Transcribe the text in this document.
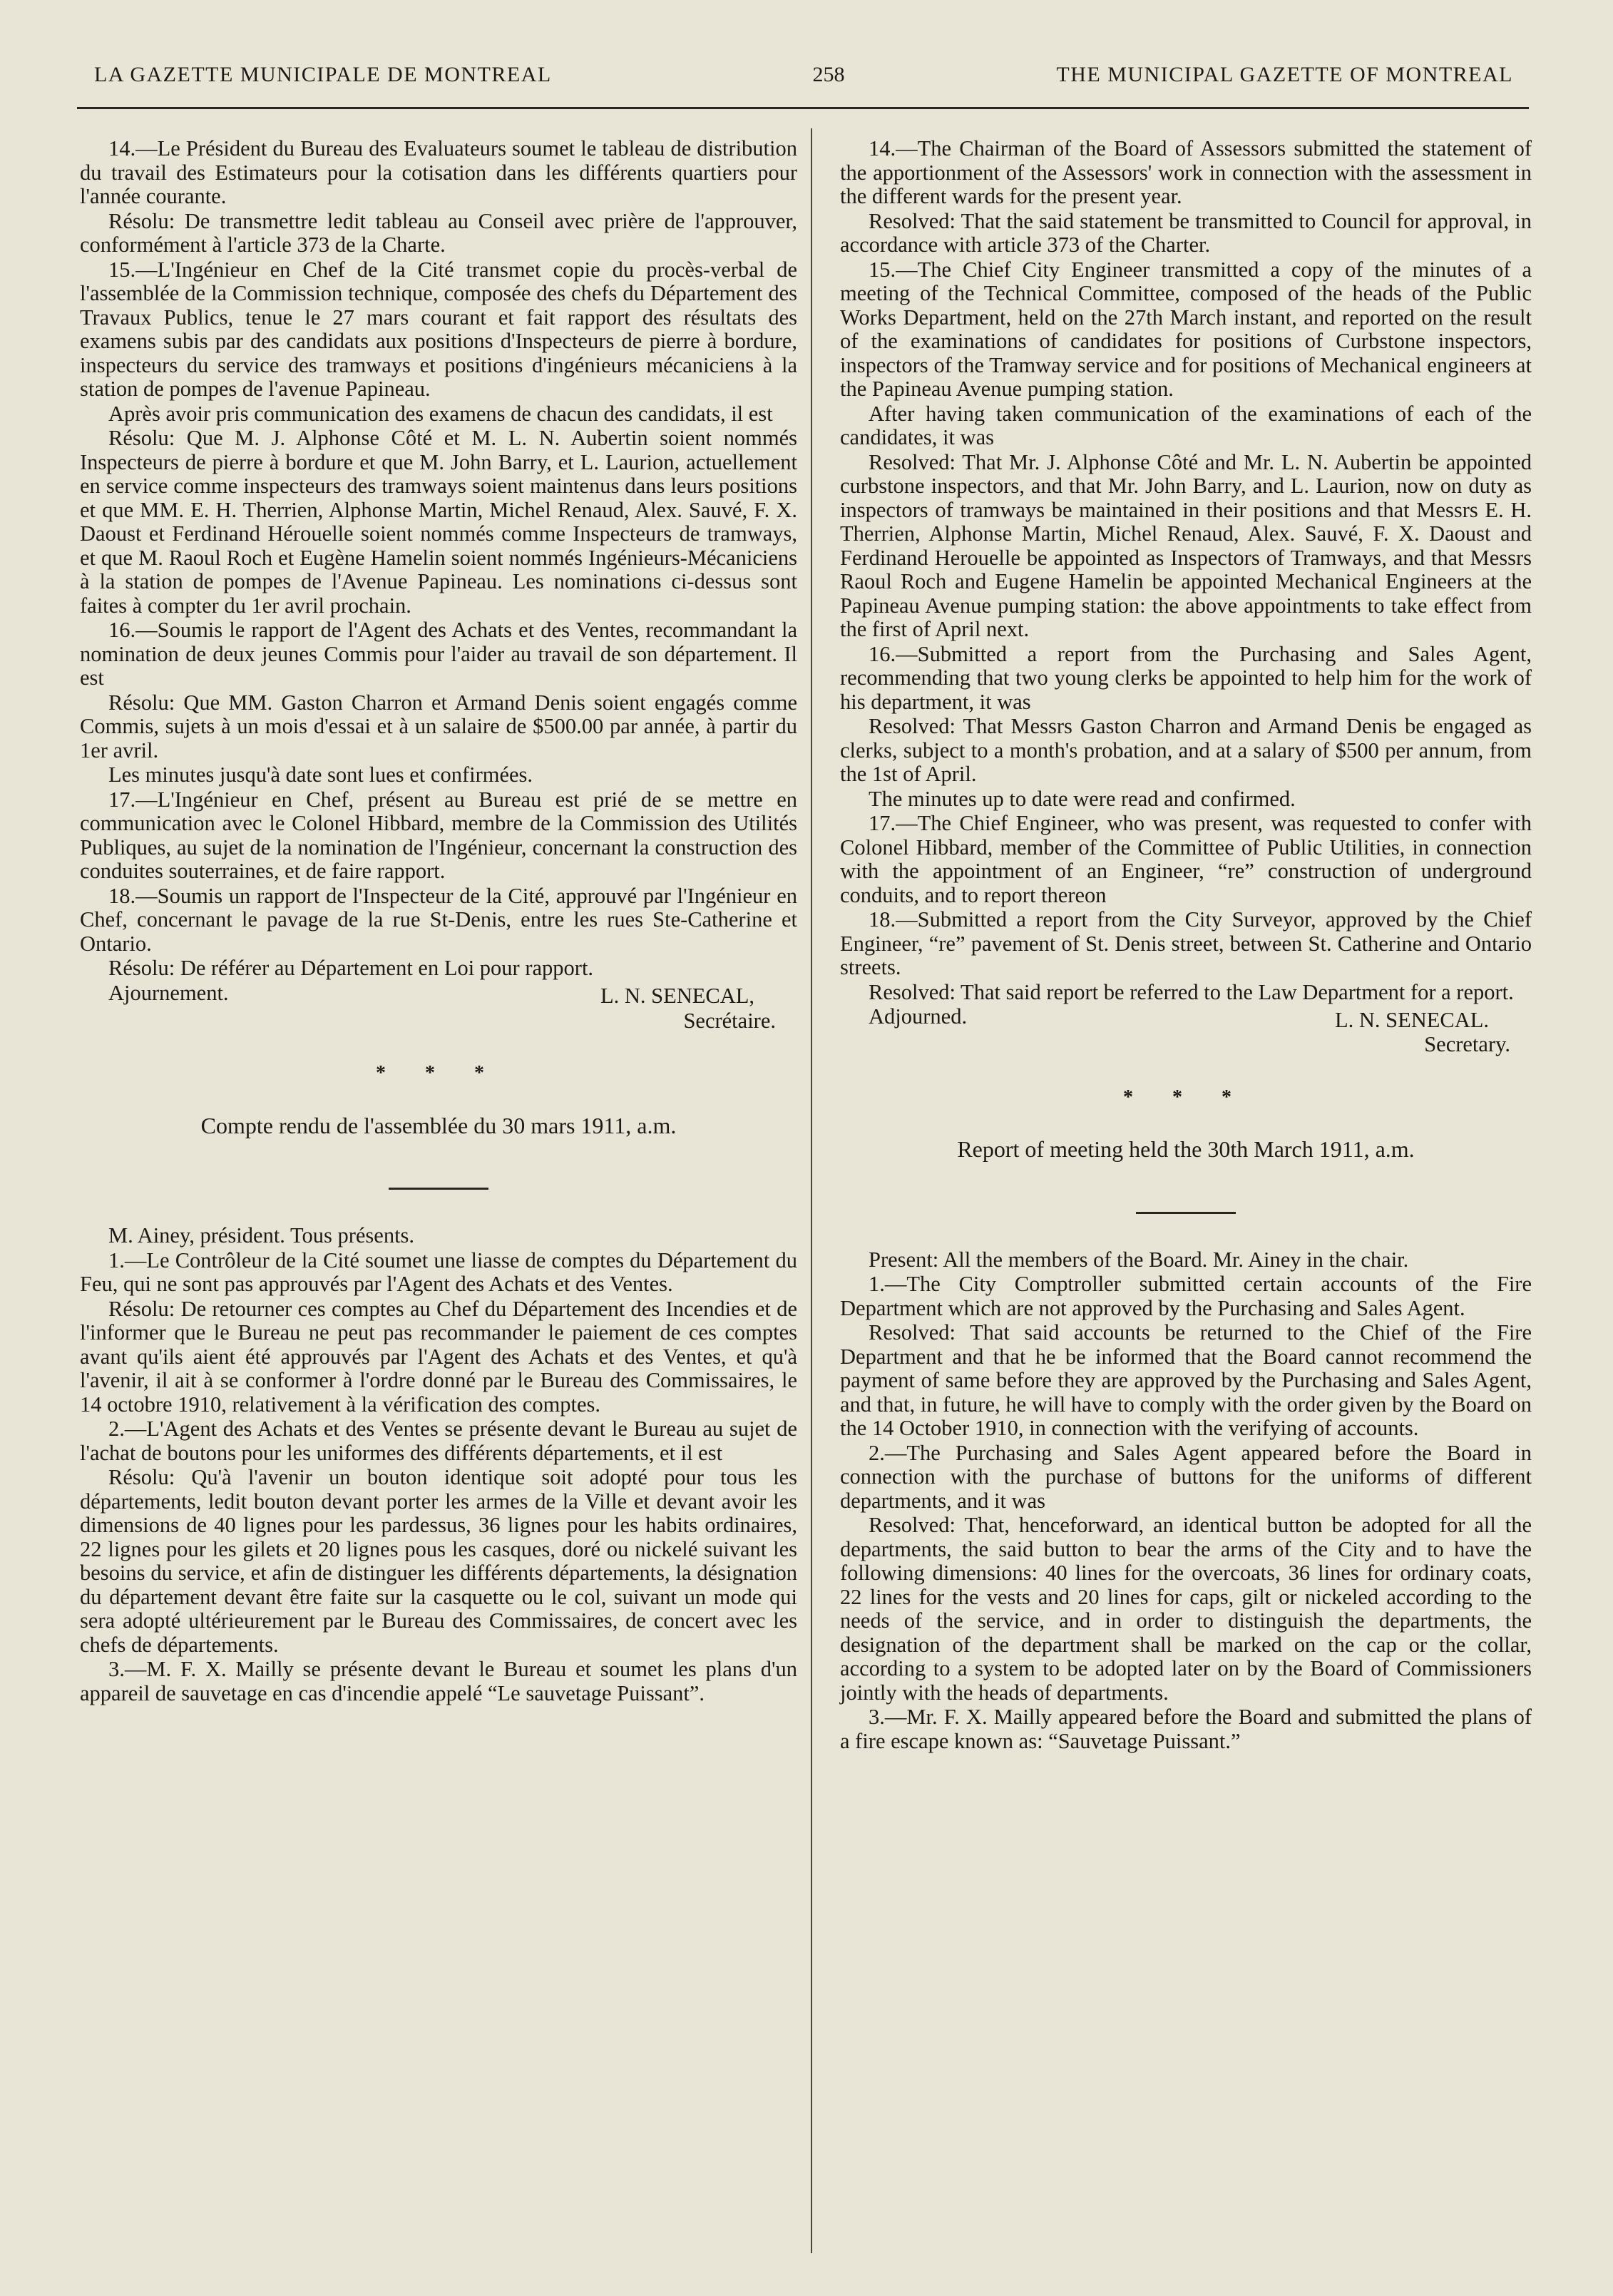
LA GAZETTE MUNICIPALE DE MONTREAL	258	THE MUNICIPAL GAZETTE OF MONTREAL

14.—Le Président du Bureau des Evaluateurs soumet le tableau de distribution du travail des Estimateurs pour la cotisation dans les différents quartiers pour l'année courante.

Résolu: De transmettre ledit tableau au Conseil avec prière de l'approuver, conformément à l'article 373 de la Charte.

15.—L'Ingénieur en Chef de la Cité transmet copie du procès-verbal de l'assemblée de la Commission technique, composée des chefs du Département des Travaux Publics, tenue le 27 mars courant et fait rapport des résultats des examens subis par des candidats aux positions d'Inspecteurs de pierre à bordure, inspecteurs du service des tramways et positions d'ingénieurs mécaniciens à la station de pompes de l'avenue Papineau.

Après avoir pris communication des examens de chacun des candidats, il est

Résolu: Que M. J. Alphonse Côté et M. L. N. Aubertin soient nommés Inspecteurs de pierre à bordure et que M. John Barry, et L. Laurion, actuellement en service comme inspecteurs des tramways soient maintenus dans leurs positions et que MM. E. H. Therrien, Alphonse Martin, Michel Renaud, Alex. Sauvé, F. X. Daoust et Ferdinand Hérouelle soient nommés comme Inspecteurs de tramways, et que M. Raoul Roch et Eugène Hamelin soient nommés Ingénieurs-Mécaniciens à la station de pompes de l'Avenue Papineau. Les nominations ci-dessus sont faites à compter du 1er avril prochain.

16.—Soumis le rapport de l'Agent des Achats et des Ventes, recommandant la nomination de deux jeunes Commis pour l'aider au travail de son département. Il est

Résolu: Que MM. Gaston Charron et Armand Denis soient engagés comme Commis, sujets à un mois d'essai et à un salaire de $500.00 par année, à partir du 1er avril.

Les minutes jusqu'à date sont lues et confirmées.

17.—L'Ingénieur en Chef, présent au Bureau est prié de se mettre en communication avec le Colonel Hibbard, membre de la Commission des Utilités Publiques, au sujet de la nomination de l'Ingénieur, concernant la construction des conduites souterraines, et de faire rapport.

18.—Soumis un rapport de l'Inspecteur de la Cité, approuvé par l'Ingénieur en Chef, concernant le pavage de la rue St-Denis, entre les rues Ste-Catherine et Ontario.

Résolu: De référer au Département en Loi pour rapport.

Ajournement.	L. N. SENECAL,

Secrétaire.

* * *

Compte rendu de l'assemblée du 30 mars 1911, a.m.

M. Ainey, président. Tous présents.

1.—Le Contrôleur de la Cité soumet une liasse de comptes du Département du Feu, qui ne sont pas approuvés par l'Agent des Achats et des Ventes.

Résolu: De retourner ces comptes au Chef du Département des Incendies et de l'informer que le Bureau ne peut pas recommander le paiement de ces comptes avant qu'ils aient été approuvés par l'Agent des Achats et des Ventes, et qu'à l'avenir, il ait à se conformer à l'ordre donné par le Bureau des Commissaires, le 14 octobre 1910, relativement à la vérification des comptes.

2.—L'Agent des Achats et des Ventes se présente devant le Bureau au sujet de l'achat de boutons pour les uniformes des différents départements, et il est

Résolu: Qu'à l'avenir un bouton identique soit adopté pour tous les départements, ledit bouton devant porter les armes de la Ville et devant avoir les dimensions de 40 lignes pour les pardessus, 36 lignes pour les habits ordinaires, 22 lignes pour les gilets et 20 lignes pous les casques, doré ou nickelé suivant les besoins du service, et afin de distinguer les différents départements, la désignation du département devant être faite sur la casquette ou le col, suivant un mode qui sera adopté ultérieurement par le Bureau des Commissaires, de concert avec les chefs de départements.

3.—M. F. X. Mailly se présente devant le Bureau et soumet les plans d'un appareil de sauvetage en cas d'incendie appelé “Le sauvetage Puissant”.

14.—The Chairman of the Board of Assessors submitted the statement of the apportionment of the Assessors' work in connection with the assessment in the different wards for the present year.

Resolved: That the said statement be transmitted to Council for approval, in accordance with article 373 of the Charter.

15.—The Chief City Engineer transmitted a copy of the minutes of a meeting of the Technical Committee, composed of the heads of the Public Works Department, held on the 27th March instant, and reported on the result of the examinations of candidates for positions of Curbstone inspectors, inspectors of the Tramway service and for positions of Mechanical engineers at the Papineau Avenue pumping station.

After having taken communication of the examinations of each of the candidates, it was

Resolved: That Mr. J. Alphonse Côté and Mr. L. N. Aubertin be appointed curbstone inspectors, and that Mr. John Barry, and L. Laurion, now on duty as inspectors of tramways be maintained in their positions and that Messrs E. H. Therrien, Alphonse Martin, Michel Renaud, Alex. Sauvé, F. X. Daoust and Ferdinand Herouelle be appointed as Inspectors of Tramways, and that Messrs Raoul Roch and Eugene Hamelin be appointed Mechanical Engineers at the Papineau Avenue pumping station: the above appointments to take effect from the first of April next.

16.—Submitted a report from the Purchasing and Sales Agent, recommending that two young clerks be appointed to help him for the work of his department, it was

Resolved: That Messrs Gaston Charron and Armand Denis be engaged as clerks, subject to a month's probation, and at a salary of $500 per annum, from the 1st of April.

The minutes up to date were read and confirmed.

17.—The Chief Engineer, who was present, was requested to confer with Colonel Hibbard, member of the Committee of Public Utilities, in connection with the appointment of an Engineer, “re” construction of underground conduits, and to report thereon

18.—Submitted a report from the City Surveyor, approved by the Chief Engineer, “re” pavement of St. Denis street, between St. Catherine and Ontario streets.

Resolved: That said report be referred to the Law Department for a report.

Adjourned.	L. N. SENECAL.

Secretary.

* * *

Report of meeting held the 30th March 1911, a.m.

Present: All the members of the Board. Mr. Ainey in the chair.

1.—The City Comptroller submitted certain accounts of the Fire Department which are not approved by the Purchasing and Sales Agent.

Resolved: That said accounts be returned to the Chief of the Fire Department and that he be informed that the Board cannot recommend the payment of same before they are approved by the Purchasing and Sales Agent, and that, in future, he will have to comply with the order given by the Board on the 14 October 1910, in connection with the verifying of accounts.

2.—The Purchasing and Sales Agent appeared before the Board in connection with the purchase of buttons for the uniforms of different departments, and it was

Resolved: That, henceforward, an identical button be adopted for all the departments, the said button to bear the arms of the City and to have the following dimensions: 40 lines for the overcoats, 36 lines for ordinary coats, 22 lines for the vests and 20 lines for caps, gilt or nickeled according to the needs of the service, and in order to distinguish the departments, the designation of the department shall be marked on the cap or the collar, according to a system to be adopted later on by the Board of Commissioners jointly with the heads of departments.

3.—Mr. F. X. Mailly appeared before the Board and submitted the plans of a fire escape known as: “Sauvetage Puissant.”
